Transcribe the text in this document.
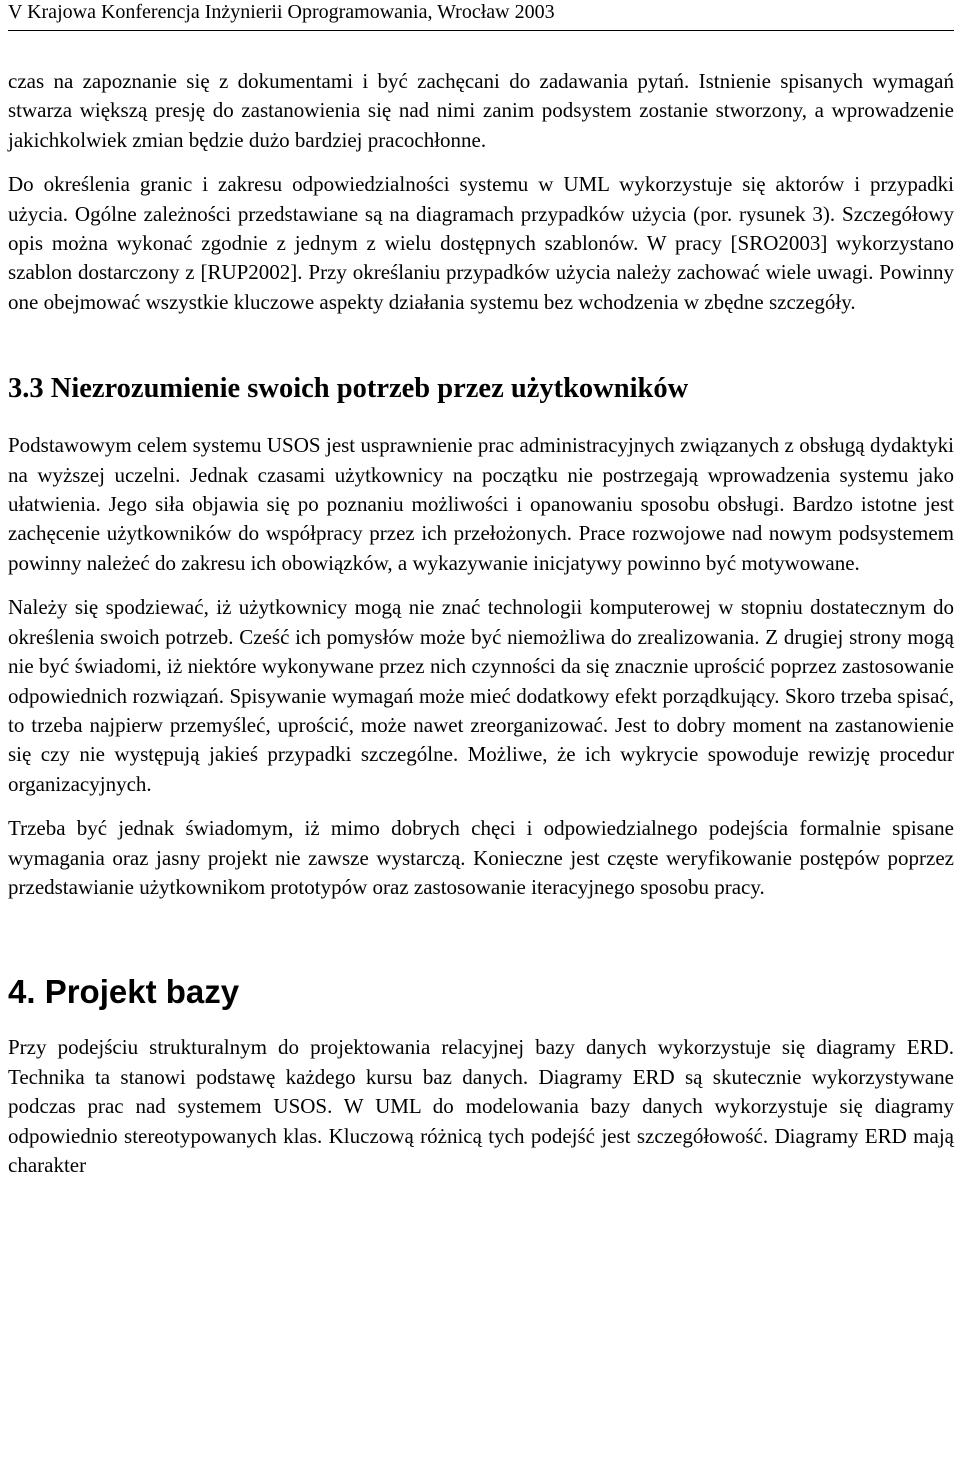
V Krajowa Konferencja Inżynierii Oprogramowania, Wrocław 2003

czas na zapoznanie się z dokumentami i być zachęcani do zadawania pytań. Istnienie spisanych wymagań stwarza większą presję do zastanowienia się nad nimi zanim podsystem zostanie stworzony, a wprowadzenie jakichkolwiek zmian będzie dużo bardziej pracochłonne.

Do określenia granic i zakresu odpowiedzialności systemu w UML wykorzystuje się aktorów i przypadki użycia. Ogólne zależności przedstawiane są na diagramach przypadków użycia (por. rysunek 3). Szczegółowy opis można wykonać zgodnie z jednym z wielu dostępnych szablonów. W pracy [SRO2003] wykorzystano szablon dostarczony z [RUP2002]. Przy określaniu przypadków użycia należy zachować wiele uwagi. Powinny one obejmować wszystkie kluczowe aspekty działania systemu bez wchodzenia w zbędne szczegóły.

3.3 Niezrozumienie swoich potrzeb przez użytkowników

Podstawowym celem systemu USOS jest usprawnienie prac administracyjnych związanych z obsługą dydaktyki na wyższej uczelni. Jednak czasami użytkownicy na początku nie postrzegają wprowadzenia systemu jako ułatwienia. Jego siła objawia się po poznaniu możliwości i opanowaniu sposobu obsługi. Bardzo istotne jest zachęcenie użytkowników do współpracy przez ich przełożonych. Prace rozwojowe nad nowym podsystemem powinny należeć do zakresu ich obowiązków, a wykazywanie inicjatywy powinno być motywowane.

Należy się spodziewać, iż użytkownicy mogą nie znać technologii komputerowej w stopniu dostatecznym do określenia swoich potrzeb. Cześć ich pomysłów może być niemożliwa do zrealizowania. Z drugiej strony mogą nie być świadomi, iż niektóre wykonywane przez nich czynności da się znacznie uprościć poprzez zastosowanie odpowiednich rozwiązań. Spisywanie wymagań może mieć dodatkowy efekt porządkujący. Skoro trzeba spisać, to trzeba najpierw przemyśleć, uprościć, może nawet zreorganizować. Jest to dobry moment na zastanowienie się czy nie występują jakieś przypadki szczególne. Możliwe, że ich wykrycie spowoduje rewizję procedur organizacyjnych.

Trzeba być jednak świadomym, iż mimo dobrych chęci i odpowiedzialnego podejścia formalnie spisane wymagania oraz jasny projekt nie zawsze wystarczą. Konieczne jest częste weryfikowanie postępów poprzez przedstawianie użytkownikom prototypów oraz zastosowanie iteracyjnego sposobu pracy.

4. Projekt bazy

Przy podejściu strukturalnym do projektowania relacyjnej bazy danych wykorzystuje się diagramy ERD. Technika ta stanowi podstawę każdego kursu baz danych. Diagramy ERD są skutecznie wykorzystywane podczas prac nad systemem USOS. W UML do modelowania bazy danych wykorzystuje się diagramy odpowiednio stereotypowanych klas. Kluczową różnicą tych podejść jest szczegółowość. Diagramy ERD mają charakter
